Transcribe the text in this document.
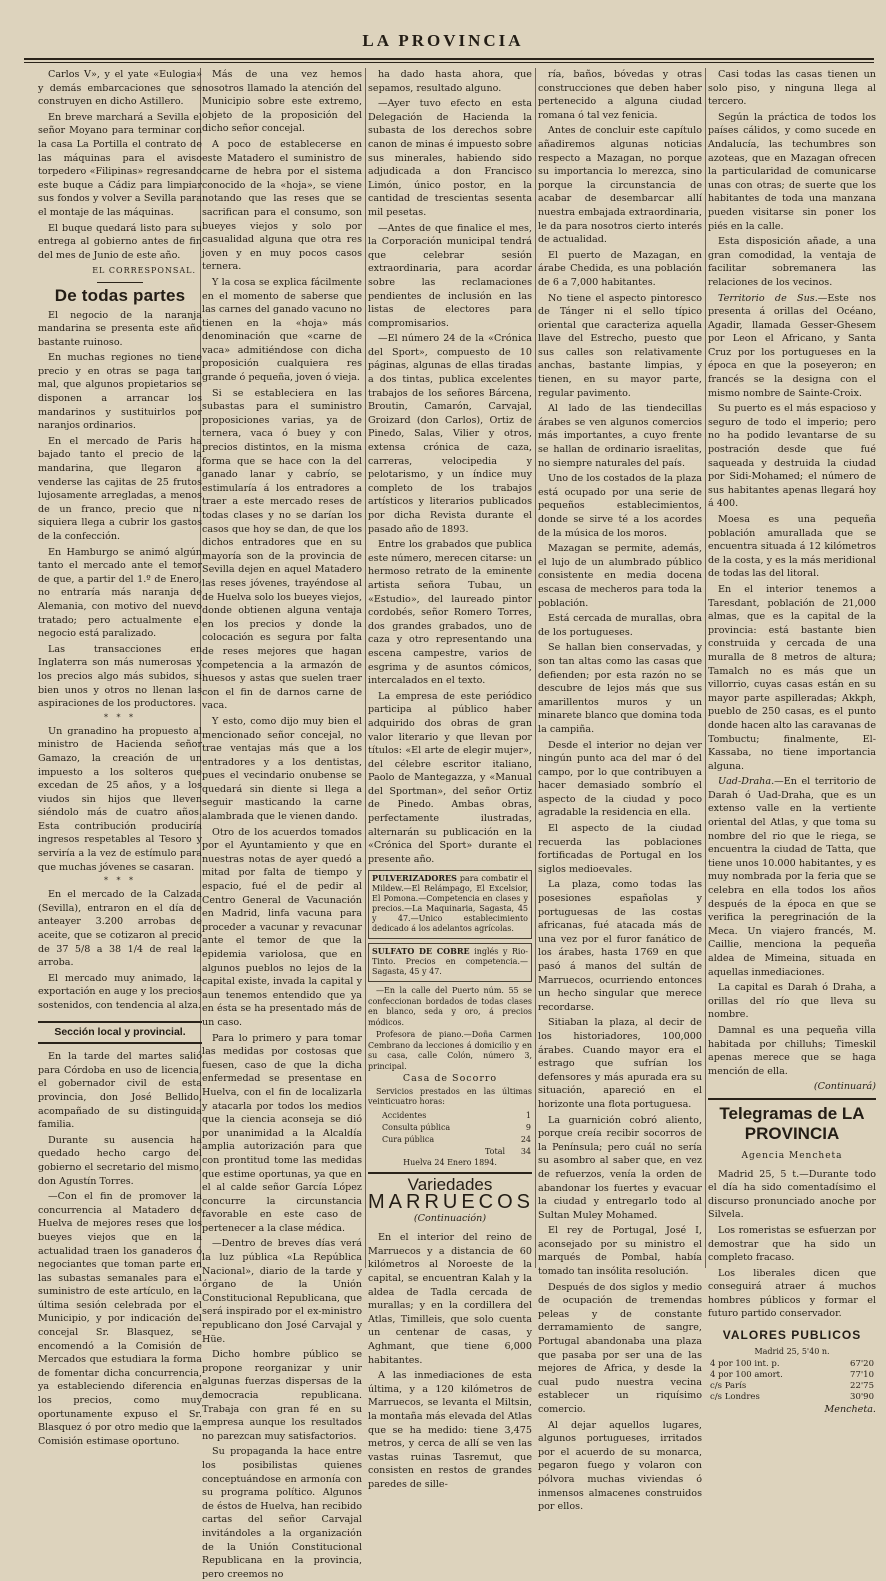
LA PROVINCIA

Carlos V», y el yate «Eulogia» y demás embarcaciones que se construyen en dicho Astillero.

En breve marchará a Sevilla el señor Moyano para terminar con la casa La Portilla el contrato de las máquinas para el aviso torpedero «Filipinas» regresando este buque a Cádiz para limpiar sus fondos y volver a Sevilla para el montaje de las máquinas.

El buque quedará listo para su entrega al gobierno antes de fin del mes de Junio de este año.

EL CORRESPONSAL.
De todas partes

El negocio de la naranja mandarina se presenta este año bastante ruinoso.

En muchas regiones no tiene precio y en otras se paga tan mal, que algunos propietarios se disponen a arrancar los mandarinos y sustituirlos por naranjos ordinarios.

En el mercado de Paris ha bajado tanto el precio de la mandarina, que llegaron a venderse las cajitas de 25 frutos lujosamente arregladas, a menos de un franco, precio que ni siquiera llega a cubrir los gastos de la confección.

En Hamburgo se animó algún tanto el mercado ante el temor de que, a partir del 1.º de Enero, no entraría más naranja de Alemania, con motivo del nuevo tratado; pero actualmente el negocio está paralizado.

Las transacciones en Inglaterra son más numerosas y los precios algo más subidos, si bien unos y otros no llenan las aspiraciones de los productores.

* * *

Un granadino ha propuesto al ministro de Hacienda señor Gamazo, la creación de un impuesto a los solteros que excedan de 25 años, y a los viudos sin hijos que lleven siéndolo más de cuatro años. Esta contribución produciría ingresos respetables al Tesoro y serviría a la vez de estímulo para que muchas jóvenes se casaran.

* * *

En el mercado de la Calzada (Sevilla), entraron en el día de anteayer 3.200 arrobas de aceite, que se cotizaron al precio de 37 5/8 a 38 1/4 de real la arroba.

El mercado muy animado, la exportación en auge y los precios sostenidos, con tendencia al alza.

Sección local y provincial.

En la tarde del martes salió para Córdoba en uso de licencia, el gobernador civil de esta provincia, don José Bellido, acompañado de su distinguida familia.

Durante su ausencia ha quedado hecho cargo del gobierno el secretario del mismo, don Agustín Torres.

—Con el fin de promover la concurrencia al Matadero de Huelva de mejores reses que los bueyes viejos que en la actualidad traen los ganaderos ó negociantes que toman parte en las subastas semanales para el suministro de este artículo, en la última sesión celebrada por el Municipio, y por indicación del concejal Sr. Blasquez, se encomendó a la Comisión de Mercados que estudiara la forma de fomentar dicha concurrencia, ya estableciendo diferencia en los precios, como muy oportunamente expuso el Sr. Blasquez ó por otro medio que la Comisión estimase oportuno.

Más de una vez hemos nosotros llamado la atención del Municipio sobre este extremo, objeto de la proposición del dicho señor concejal.

A poco de establecerse en este Matadero el suministro de carne de hebra por el sistema conocido de la «hoja», se viene notando que las reses que se sacrifican para el consumo, son bueyes viejos y solo por casualidad alguna que otra res joven y en muy pocos casos ternera.

Y la cosa se explica fácilmente en el momento de saberse que las carnes del ganado vacuno no tienen en la «hoja» más denominación que «carne de vaca» admitiéndose con dicha proposición cualquiera res grande ó pequeña, joven ó vieja.

Si se estableciera en las subastas para el suministro proposiciones varias, ya de ternera, vaca ó buey y con precios distintos, en la misma forma que se hace con la del ganado lanar y cabrío, se estimularía á los entradores a traer a este mercado reses de todas clases y no se darían los casos que hoy se dan, de que los dichos entradores que en su mayoría son de la provincia de Sevilla dejen en aquel Matadero las reses jóvenes, trayéndose al de Huelva solo los bueyes viejos, donde obtienen alguna ventaja en los precios y donde la colocación es segura por falta de reses mejores que hagan competencia a la armazón de huesos y astas que suelen traer con el fin de darnos carne de vaca.

Y esto, como dijo muy bien el mencionado señor concejal, no trae ventajas más que a los entradores y a los dentistas, pues el vecindario onubense se quedará sin diente si llega a seguir masticando la carne alambrada que le vienen dando.

Otro de los acuerdos tomados por el Ayuntamiento y que en nuestras notas de ayer quedó a mitad por falta de tiempo y espacio, fué el de pedir al Centro General de Vacunación en Madrid, linfa vacuna para proceder a vacunar y revacunar ante el temor de que la epidemia variolosa, que en algunos pueblos no lejos de la capital existe, invada la capital y aun tenemos entendido que ya en ésta se ha presentado más de un caso.

Para lo primero y para tomar las medidas por costosas que fuesen, caso de que la dicha enfermedad se presentase en Huelva, con el fin de localizarla y atacarla por todos los medios que la ciencia aconseja se dió por unanimidad a la Alcaldía amplia autorización para que con prontitud tome las medidas que estime oportunas, ya que en el al calde señor García López concurre la circunstancia favorable en este caso de pertenecer a la clase médica.

—Dentro de breves días verá la luz pública «La República Nacional», diario de la tarde y órgano de la Unión Constitucional Republicana, que será inspirado por el ex-ministro republicano don José Carvajal y Hüe.

Dicho hombre público se propone reorganizar y unir algunas fuerzas dispersas de la democracia republicana. Trabaja con gran fé en su empresa aunque los resultados no parezcan muy satisfactorios.

Su propaganda la hace entre los posibilistas quienes conceptuándose en armonía con su programa político. Algunos de éstos de Huelva, han recibido cartas del señor Carvajal invitándoles a la organización de la Unión Constitucional Republicana en la provincia, pero creemos no

ha dado hasta ahora, que sepamos, resultado alguno.

—Ayer tuvo efecto en esta Delegación de Hacienda la subasta de los derechos sobre canon de minas é impuesto sobre sus minerales, habiendo sido adjudicada a don Francisco Limón, único postor, en la cantidad de trescientas sesenta mil pesetas.

—Antes de que finalice el mes, la Corporación municipal tendrá que celebrar sesión extraordinaria, para acordar sobre las reclamaciones pendientes de inclusión en las listas de electores para compromisarios.

—El número 24 de la «Crónica del Sport», compuesto de 10 páginas, algunas de ellas tiradas a dos tintas, publica excelentes trabajos de los señores Bárcena, Broutin, Camarón, Carvajal, Groizard (don Carlos), Ortiz de Pinedo, Salas, Vilier y otros, extensa crónica de caza, carreras, velocipedia y pelotarismo, y un índice muy completo de los trabajos artísticos y literarios publicados por dicha Revista durante el pasado año de 1893.

Entre los grabados que publica este número, merecen citarse: un hermoso retrato de la eminente artista señora Tubau, un «Estudio», del laureado pintor cordobés, señor Romero Torres, dos grandes grabados, uno de caza y otro representando una escena campestre, varios de esgrima y de asuntos cómicos, intercalados en el texto.

La empresa de este periódico participa al público haber adquirido dos obras de gran valor literario y que llevan por títulos: «El arte de elegir mujer», del célebre escritor italiano, Paolo de Mantegazza, y «Manual del Sportman», del señor Ortiz de Pinedo. Ambas obras, perfectamente ilustradas, alternarán su publicación en la «Crónica del Sport» durante el presente año.

PULVERIZADORES para combatir el Mildew.—El Relámpago, El Excelsior, El Pomona.—Competencia en clases y precios.—La Maquinaria, Sagasta, 45 y 47.—Unico establecimiento dedicado á los adelantos agrícolas.

SULFATO DE COBRE inglés y Rio-Tinto. Precios en competencia.—Sagasta, 45 y 47.

—En la calle del Puerto núm. 55 se confeccionan bordados de todas clases en blanco, seda y oro, á precios módicos.

Profesora de piano.—Doña Carmen Cembrano da lecciones á domicilio y en su casa, calle Colón, número 3, principal.

Casa de Socorro

Servicios prestados en las últimas veinticuatro horas:

Accidentes	1
Consulta pública	9
Cura pública	24
Total	34

Huelva 24 Enero 1894.

Variedades
MARRUECOS

(Continuación)

En el interior del reino de Marruecos y a distancia de 60 kilómetros al Noroeste de la capital, se encuentran Kalah y la aldea de Tadla cercada de murallas; y en la cordillera del Atlas, Timilleis, que solo cuenta un centenar de casas, y Aghmant, que tiene 6,000 habitantes.

A las inmediaciones de esta última, y a 120 kilómetros de Marruecos, se levanta el Miltsin, la montaña más elevada del Atlas que se ha medido: tiene 3,475 metros, y cerca de allí se ven las vastas ruinas Tasremut, que consisten en restos de grandes paredes de sille-

ría, baños, bóvedas y otras construcciones que deben haber pertenecido a alguna ciudad romana ó tal vez fenicia.

Antes de concluir este capítulo añadiremos algunas noticias respecto a Mazagan, no porque su importancia lo merezca, sino porque la circunstancia de acabar de desembarcar allí nuestra embajada extraordinaria, le da para nosotros cierto interés de actualidad.

El puerto de Mazagan, en árabe Chedida, es una población de 6 a 7,000 habitantes.

No tiene el aspecto pintoresco de Tánger ni el sello típico oriental que caracteriza aquella llave del Estrecho, puesto que sus calles son relativamente anchas, bastante limpias, y tienen, en su mayor parte, regular pavimento.

Al lado de las tiendecillas árabes se ven algunos comercios más importantes, a cuyo frente se hallan de ordinario israelitas, no siempre naturales del país.

Uno de los costados de la plaza está ocupado por una serie de pequeños establecimientos, donde se sirve té a los acordes de la música de los moros.

Mazagan se permite, además, el lujo de un alumbrado público consistente en media docena escasa de mecheros para toda la población.

Está cercada de murallas, obra de los portugueses.

Se hallan bien conservadas, y son tan altas como las casas que defienden; por esta razón no se descubre de lejos más que sus amarillentos muros y un minarete blanco que domina toda la campiña.

Desde el interior no dejan ver ningún punto aca del mar ó del campo, por lo que contribuyen a hacer demasiado sombrío el aspecto de la ciudad y poco agradable la residencia en ella.

El aspecto de la ciudad recuerda las poblaciones fortificadas de Portugal en los siglos medioevales.

La plaza, como todas las posesiones españolas y portuguesas de las costas africanas, fué atacada más de una vez por el furor fanático de los árabes, hasta 1769 en que pasó á manos del sultán de Marruecos, ocurriendo entonces un hecho singular que merece recordarse.

Sitiaban la plaza, al decir de los historiadores, 100,000 árabes. Cuando mayor era el estrago que sufrían los defensores y más apurada era su situación, apareció en el horizonte una flota portuguesa.

La guarnición cobró aliento, porque creía recibir socorros de la Península; pero cuál no sería su asombro al saber que, en vez de refuerzos, venía la orden de abandonar los fuertes y evacuar la ciudad y entregarlo todo al Sultan Muley Mohamed.

El rey de Portugal, José I, aconsejado por su ministro el marqués de Pombal, había tomado tan insólita resolución.

Después de dos siglos y medio de ocupación de tremendas peleas y de constante derramamiento de sangre, Portugal abandonaba una plaza que pasaba por ser una de las mejores de Africa, y desde la cual pudo nuestra vecina establecer un riquísimo comercio.

Al dejar aquellos lugares, algunos portugueses, irritados por el acuerdo de su monarca, pegaron fuego y volaron con pólvora muchas viviendas ó inmensos almacenes construidos por ellos.

Casi todas las casas tienen un solo piso, y ninguna llega al tercero.

Según la práctica de todos los países cálidos, y como sucede en Andalucía, las techumbres son azoteas, que en Mazagan ofrecen la particularidad de comunicarse unas con otras; de suerte que los habitantes de toda una manzana pueden visitarse sin poner los piés en la calle.

Esta disposición añade, a una gran comodidad, la ventaja de facilitar sobremanera las relaciones de los vecinos.

Territorio de Sus.—Este nos presenta á orillas del Océano, Agadir, llamada Gesser-Ghesem por Leon el Africano, y Santa Cruz por los portugueses en la época en que la poseyeron; en francés se la designa con el mismo nombre de Sainte-Croix.

Su puerto es el más espacioso y seguro de todo el imperio; pero no ha podido levantarse de su postración desde que fué saqueada y destruida la ciudad por Sidi-Mohamed; el número de sus habitantes apenas llegará hoy á 400.

Moesa es una pequeña población amurallada que se encuentra situada á 12 kilómetros de la costa, y es la más meridional de todas las del litoral.

En el interior tenemos a Taresdant, población de 21,000 almas, que es la capital de la provincia: está bastante bien construida y cercada de una muralla de 8 metros de altura; Tamalch no es más que un villorrio, cuyas casas están en su mayor parte aspilleradas; Akkph, pueblo de 250 casas, es el punto donde hacen alto las caravanas de Tombuctu; finalmente, El-Kassaba, no tiene importancia alguna.

Uad-Draha.—En el territorio de Darah ó Uad-Draha, que es un extenso valle en la vertiente oriental del Atlas, y que toma su nombre del rio que le riega, se encuentra la ciudad de Tatta, que tiene unos 10.000 habitantes, y es muy nombrada por la feria que se celebra en ella todos los años después de la época en que se verifica la peregrinación de la Meca. Un viajero francés, M. Caillie, menciona la pequeña aldea de Mimeina, situada en aquellas inmediaciones.

La capital es Darah ó Draha, a orillas del río que lleva su nombre.

Damnal es una pequeña villa habitada por chilluhs; Timeskil apenas merece que se haga mención de ella.

(Continuará)

Telegramas de LA PROVINCIA

Agencia Mencheta

Madrid 25, 5 t.—Durante todo el día ha sido comentadísimo el discurso pronunciado anoche por Silvela.

Los romeristas se esfuerzan por demostrar que ha sido un completo fracaso.

Los liberales dicen que conseguirá atraer á muchos hombres públicos y formar el futuro partido conservador.

VALORES PUBLICOS

Madrid 25, 5'40 n.

4 por 100 int. p.	67'20
4 por 100 amort.	77'10
c/s París	22'75
c/s Londres	30'90

Mencheta.
